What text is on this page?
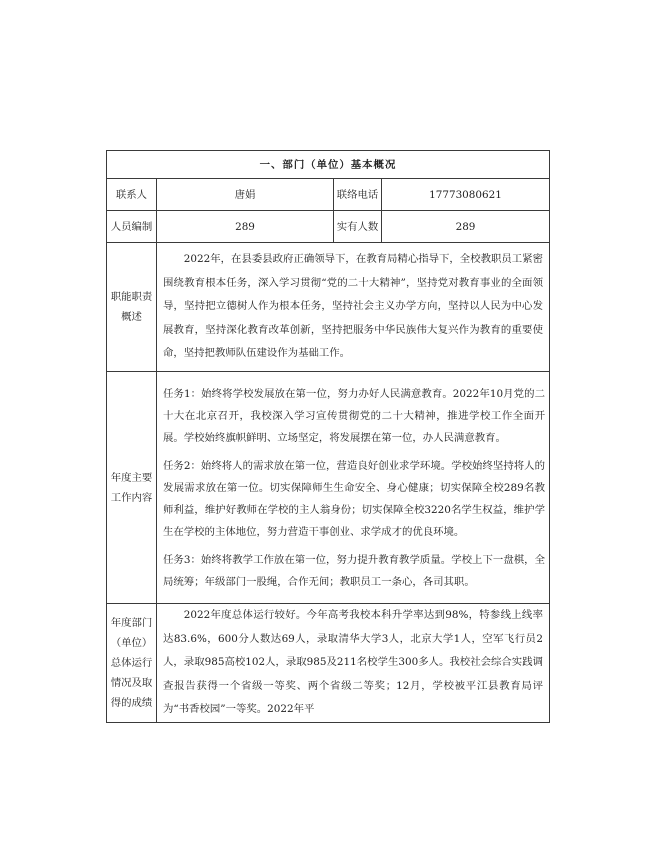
一、部门（单位）基本概况			
联系人	唐娟	联络电话	17773080621
人员编制	289	实有人数	289
职能职责概述	2022年，在县委县政府正确领导下，在教育局精心指导下，全校教职员工紧密围绕教育根本任务，深入学习贯彻“党的二十大精神”，坚持党对教育事业的全面领导，坚持把立德树人作为根本任务，坚持社会主义办学方向，坚持以人民为中心发展教育，坚持深化教育改革创新，坚持把服务中华民族伟大复兴作为教育的重要使命，坚持把教师队伍建设作为基础工作。		

年度主要工作内容	任务1：始终将学校发展放在第一位，努力办好人民满意教育。2022年10月党的二十大在北京召开，我校深入学习宣传贯彻党的二十大精神，推进学校工作全面开展。学校始终旗帜鲜明、立场坚定，将发展摆在第一位，办人民满意教育。

任务2：始终将人的需求放在第一位，营造良好创业求学环境。学校始终坚持将人的发展需求放在第一位。切实保障师生生命安全、身心健康；切实保障全校289名教师利益，维护好教师在学校的主人翁身份；切实保障全校3220名学生权益，维护学生在学校的主体地位，努力营造干事创业、求学成才的优良环境。

任务3：始终将教学工作放在第一位，努力提升教育教学质量。学校上下一盘棋，全局统筹；年级部门一股绳，合作无间；教职员工一条心，各司其职。		

年度部门（单位）总体运行情况及取得的成绩	2022年度总体运行较好。今年高考我校本科升学率达到98%，特参线上线率达83.6%，600分人数达69人，录取清华大学3人，北京大学1人，空军飞行员2人，录取985高校102人，录取985及211名校学生300多人。我校社会综合实践调查报告获得一个省级一等奖、两个省级二等奖；12月，学校被平江县教育局评为“书香校园”一等奖。2022年平		
